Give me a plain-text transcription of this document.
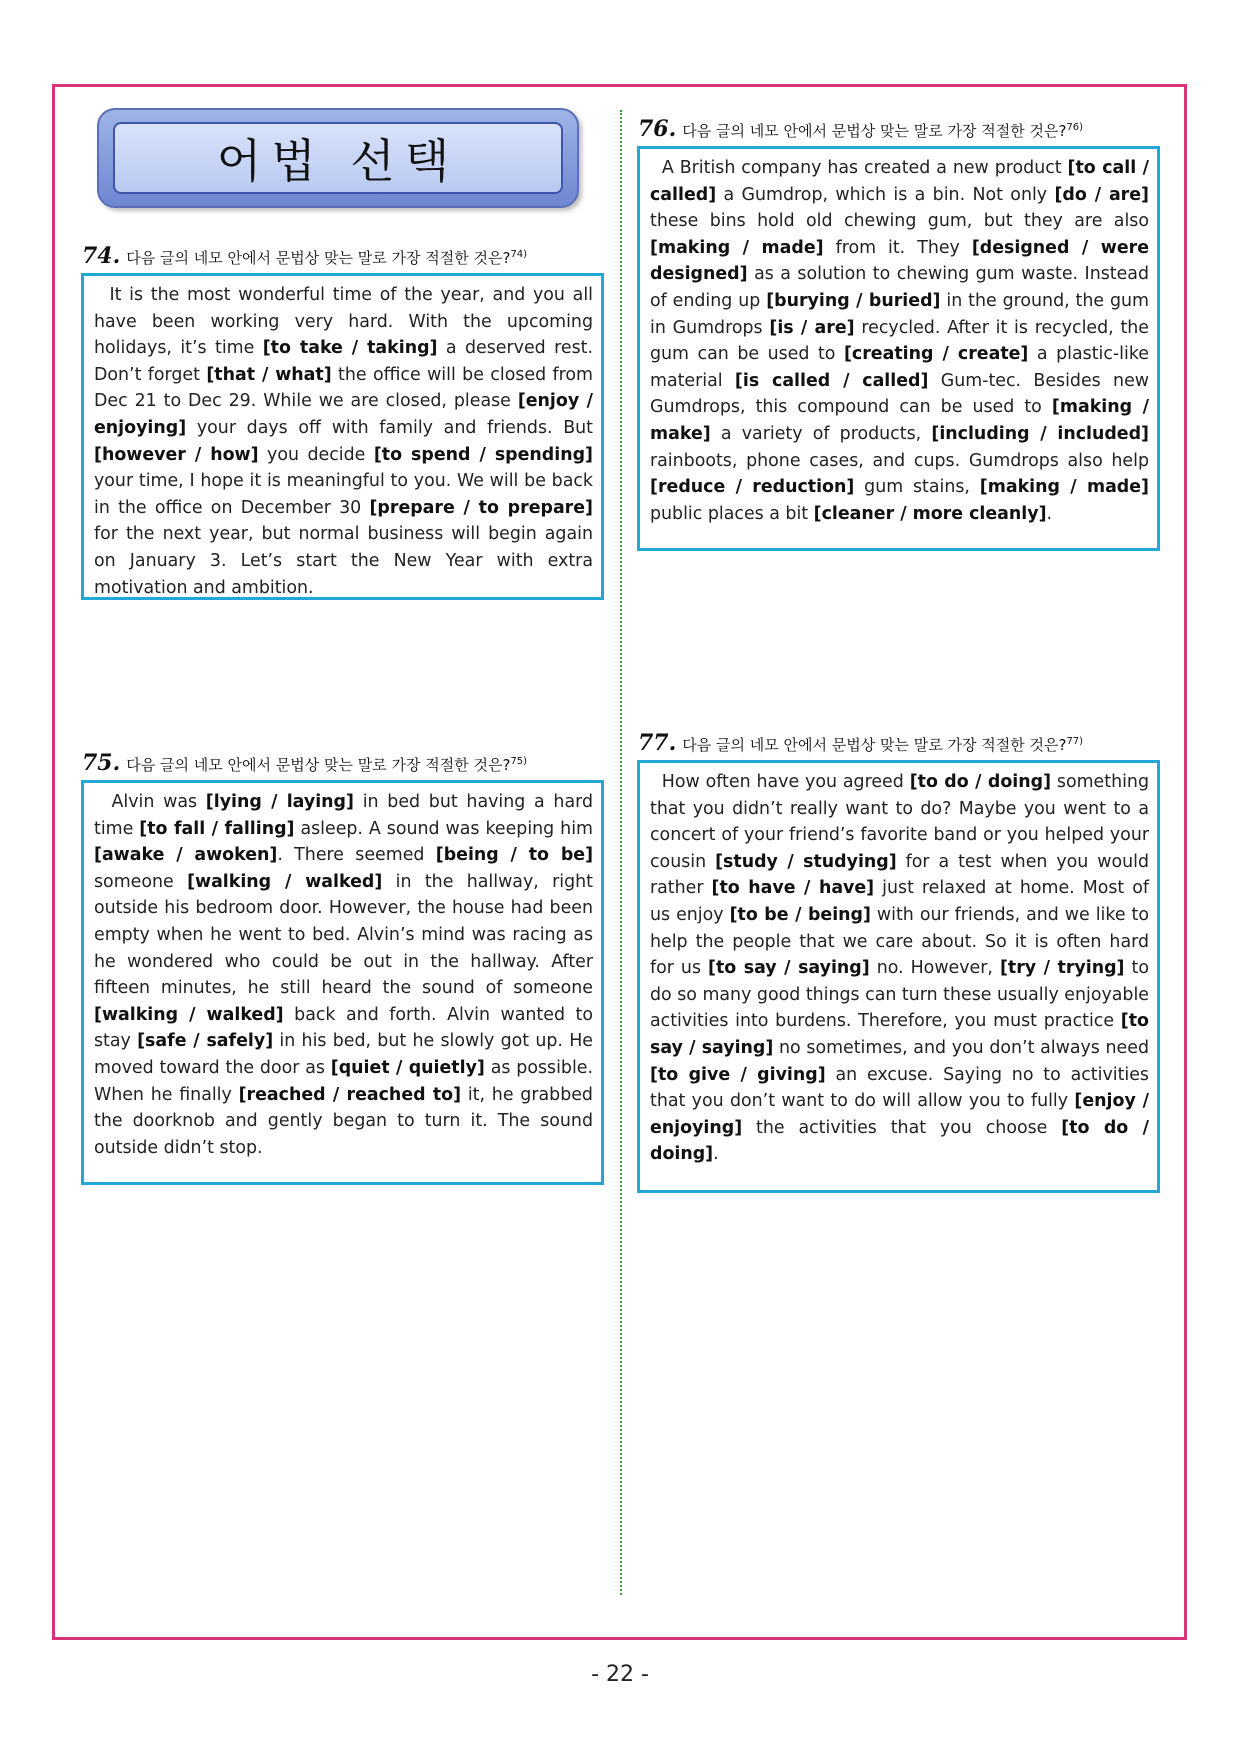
어법 선택
74. 다음 글의 네모 안에서 문법상 맞는 말로 가장 적절한 것은?$^{74)}$
It is the most wonderful time of the year, and you all have been working very hard. With the upcoming holidays, it’s time [to take / taking] a deserved rest. Don’t forget [that / what] the office will be closed from Dec 21 to Dec 29. While we are closed, please [enjoy / enjoying] your days off with family and friends. But [however / how] you decide [to spend / spending] your time, I hope it is meaningful to you. We will be back in the office on December 30 [prepare / to prepare] for the next year, but normal business will begin again on January 3. Let’s start the New Year with extra motivation and ambition.
75. 다음 글의 네모 안에서 문법상 맞는 말로 가장 적절한 것은?$^{75)}$
Alvin was [lying / laying] in bed but having a hard time [to fall / falling] asleep. A sound was keeping him [awake / awoken]. There seemed [being / to be] someone [walking / walked] in the hallway, right outside his bedroom door. However, the house had been empty when he went to bed. Alvin’s mind was racing as he wondered who could be out in the hallway. After fifteen minutes, he still heard the sound of someone [walking / walked] back and forth. Alvin wanted to stay [safe / safely] in his bed, but he slowly got up. He moved toward the door as [quiet / quietly] as possible. When he finally [reached / reached to] it, he grabbed the doorknob and gently began to turn it. The sound outside didn’t stop.
76. 다음 글의 네모 안에서 문법상 맞는 말로 가장 적절한 것은?$^{76)}$
A British company has created a new product [to call / called] a Gumdrop, which is a bin. Not only [do / are] these bins hold old chewing gum, but they are also [making / made] from it. They [designed / were designed] as a solution to chewing gum waste. Instead of ending up [burying / buried] in the ground, the gum in Gumdrops [is / are] recycled. After it is recycled, the gum can be used to [creating / create] a plastic-like material [is called / called] Gum-tec. Besides new Gumdrops, this compound can be used to [making / make] a variety of products, [including / included] rainboots, phone cases, and cups. Gumdrops also help [reduce / reduction] gum stains, [making / made] public places a bit [cleaner / more cleanly].
77. 다음 글의 네모 안에서 문법상 맞는 말로 가장 적절한 것은?$^{77)}$
How often have you agreed [to do / doing] something that you didn’t really want to do? Maybe you went to a concert of your friend’s favorite band or you helped your cousin [study / studying] for a test when you would rather [to have / have] just relaxed at home. Most of us enjoy [to be / being] with our friends, and we like to help the people that we care about. So it is often hard for us [to say / saying] no. However, [try / trying] to do so many good things can turn these usually enjoyable activities into burdens. Therefore, you must practice [to say / saying] no sometimes, and you don’t always need [to give / giving] an excuse. Saying no to activities that you don’t want to do will allow you to fully [enjoy / enjoying] the activities that you choose [to do / doing].
- 22 -
